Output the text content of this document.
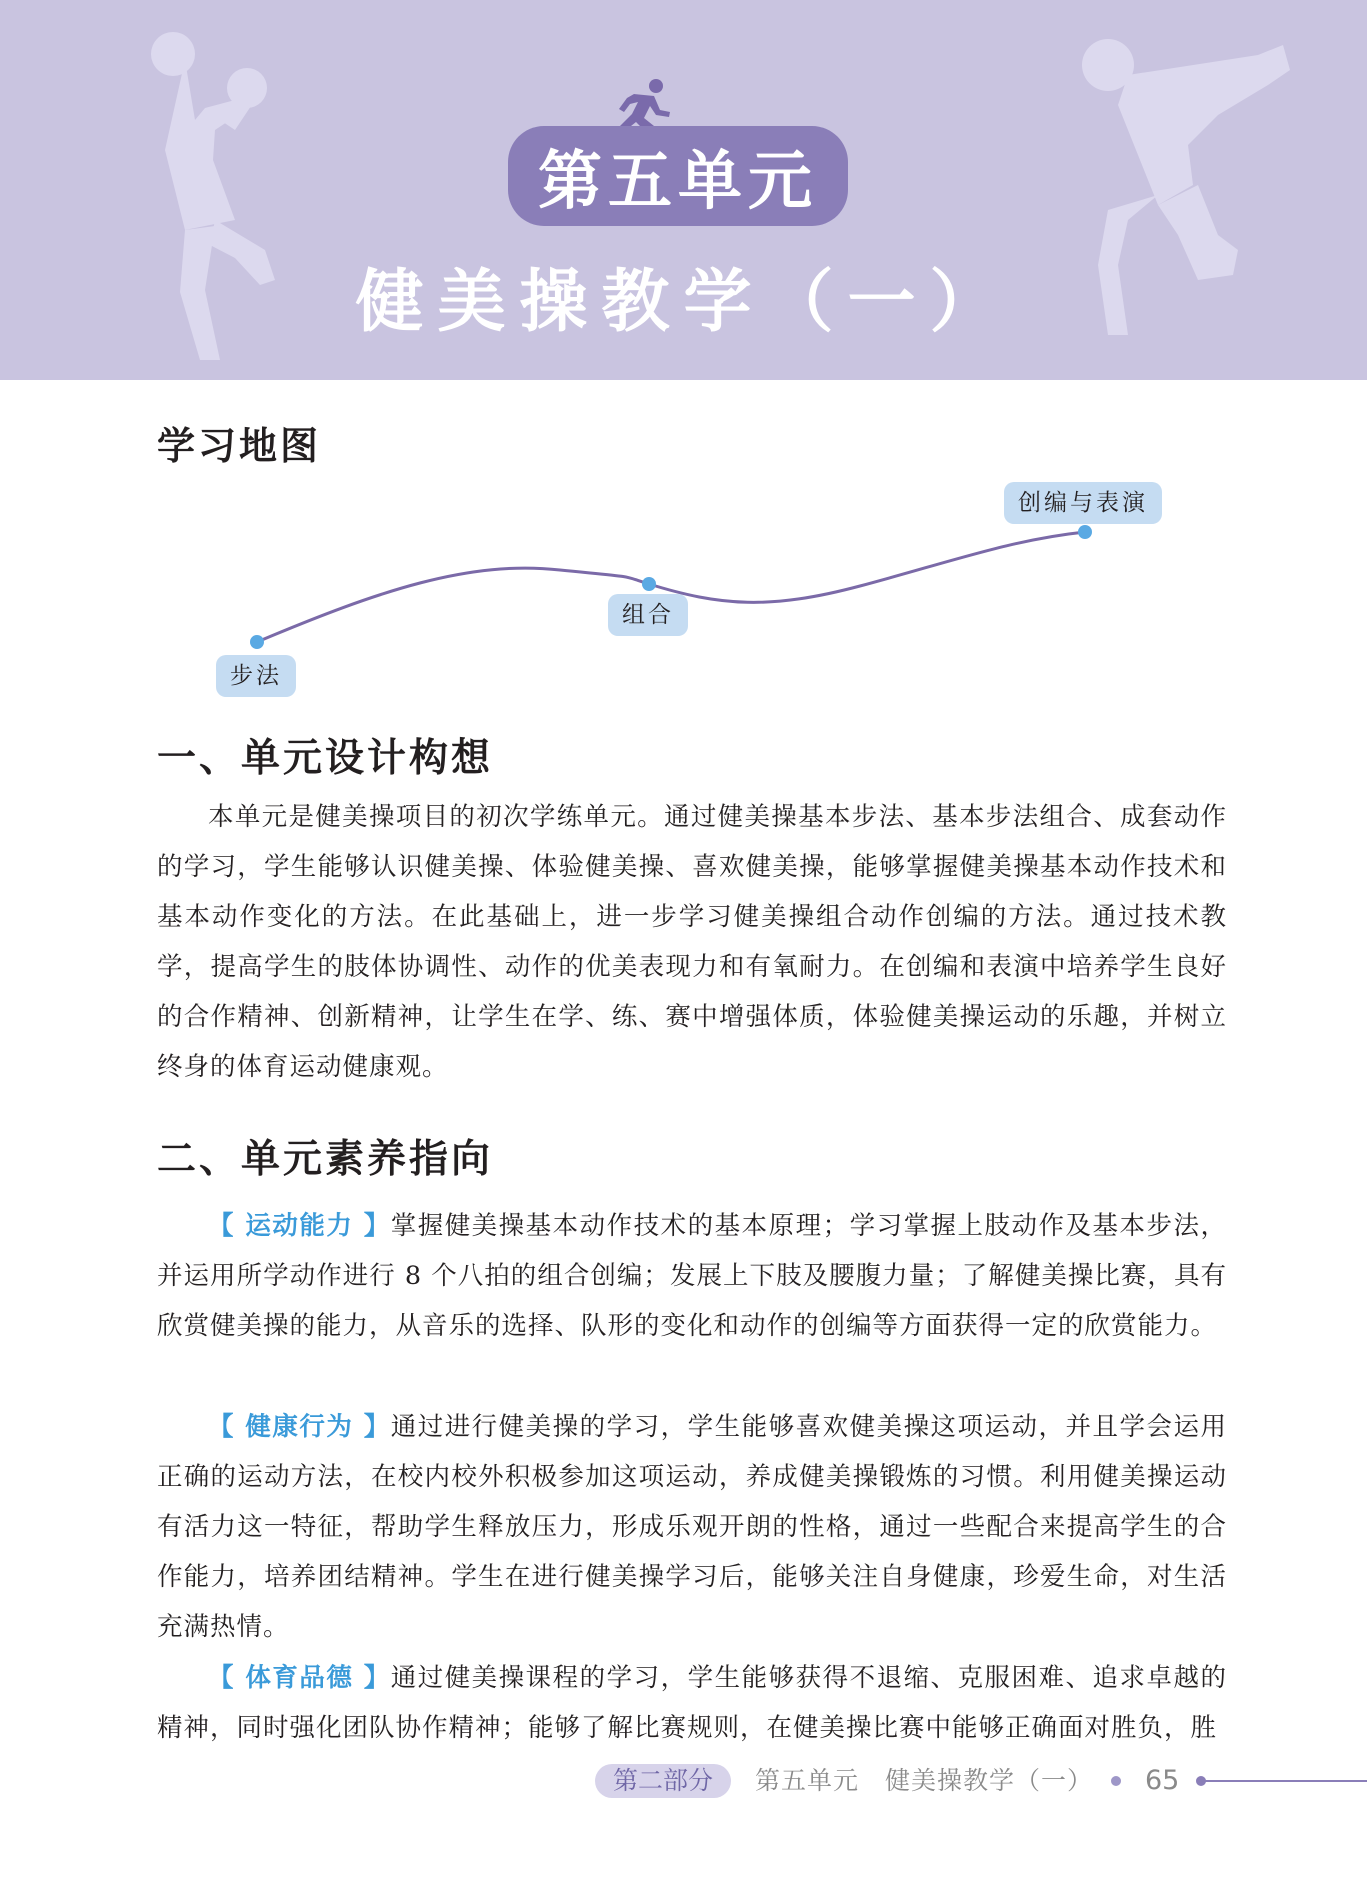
第五单元
健美操教学（一）
学习地图
步法
组合
创编与表演
一、单元设计构想

本单元是健美操项目的初次学练单元。通过健美操基本步法、基本步法组合、成套动作的学习，学生能够认识健美操、体验健美操、喜欢健美操，能够掌握健美操基本动作技术和基本动作变化的方法。在此基础上，进一步学习健美操组合动作创编的方法。通过技术教学，提高学生的肢体协调性、动作的优美表现力和有氧耐力。在创编和表演中培养学生良好的合作精神、创新精神，让学生在学、练、赛中增强体质，体验健美操运动的乐趣，并树立终身的体育运动健康观。

二、单元素养指向

【 运动能力 】掌握健美操基本动作技术的基本原理；学习掌握上肢动作及基本步法，并运用所学动作进行 8 个八拍的组合创编；发展上下肢及腰腹力量；了解健美操比赛，具有欣赏健美操的能力，从音乐的选择、队形的变化和动作的创编等方面获得一定的欣赏能力。

【 健康行为 】通过进行健美操的学习，学生能够喜欢健美操这项运动，并且学会运用正确的运动方法，在校内校外积极参加这项运动，养成健美操锻炼的习惯。利用健美操运动有活力这一特征，帮助学生释放压力，形成乐观开朗的性格，通过一些配合来提高学生的合作能力，培养团结精神。学生在进行健美操学习后，能够关注自身健康，珍爱生命，对生活充满热情。

【 体育品德 】通过健美操课程的学习，学生能够获得不退缩、克服困难、追求卓越的精神，同时强化团队协作精神；能够了解比赛规则，在健美操比赛中能够正确面对胜负，胜

第二部分	第五单元　健美操教学（一） 65
